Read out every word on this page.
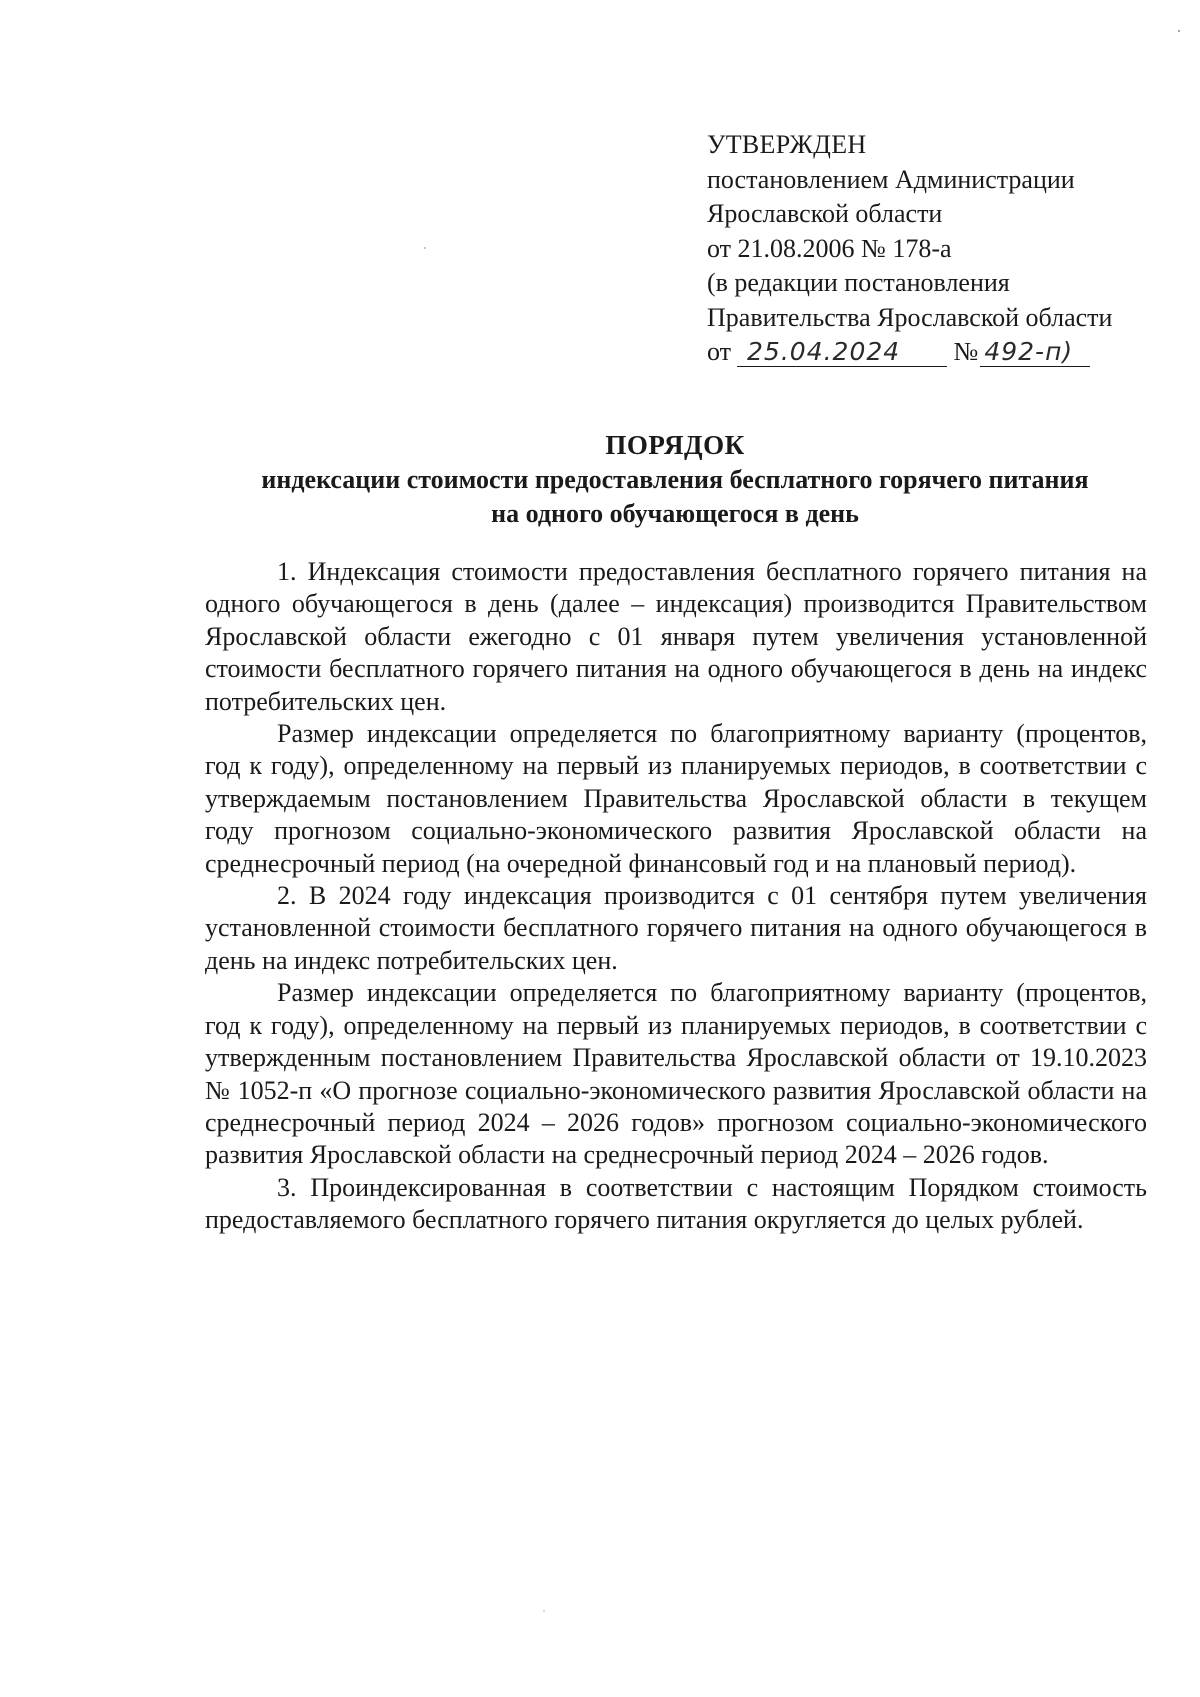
УТВЕРЖДЕН
постановлением Администрации
Ярославской области
от 21.08.2006 № 178-а
(в редакции постановления
Правительства Ярославской области
от 25.04.2024 № 492-п)
ПОРЯДОК
индексации стоимости предоставления бесплатного горячего питания
на одного обучающегося в день

1. Индексация стоимости предоставления бесплатного горячего питания на одного обучающегося в день (далее – индексация) производится Правительством Ярославской области ежегодно с 01 января путем увеличения установленной стоимости бесплатного горячего питания на одного обучающегося в день на индекс потребительских цен.

Размер индексации определяется по благоприятному варианту (процентов, год к году), определенному на первый из планируемых периодов, в соответствии с утверждаемым постановлением Правительства Ярославской области в текущем году прогнозом социально-экономического развития Ярославской области на среднесрочный период (на очередной финансовый год и на плановый период).

2. В 2024 году индексация производится с 01 сентября путем увеличения установленной стоимости бесплатного горячего питания на одного обучающегося в день на индекс потребительских цен.

Размер индексации определяется по благоприятному варианту (процентов, год к году), определенному на первый из планируемых периодов, в соответствии с утвержденным постановлением Правительства Ярославской области от 19.10.2023 № 1052-п «О прогнозе социально-экономического развития Ярославской области на среднесрочный период 2024 – 2026 годов» прогнозом социально-экономического развития Ярославской области на среднесрочный период 2024 – 2026 годов.

3. Проиндексированная в соответствии с настоящим Порядком стоимость предоставляемого бесплатного горячего питания округляется до целых рублей.
